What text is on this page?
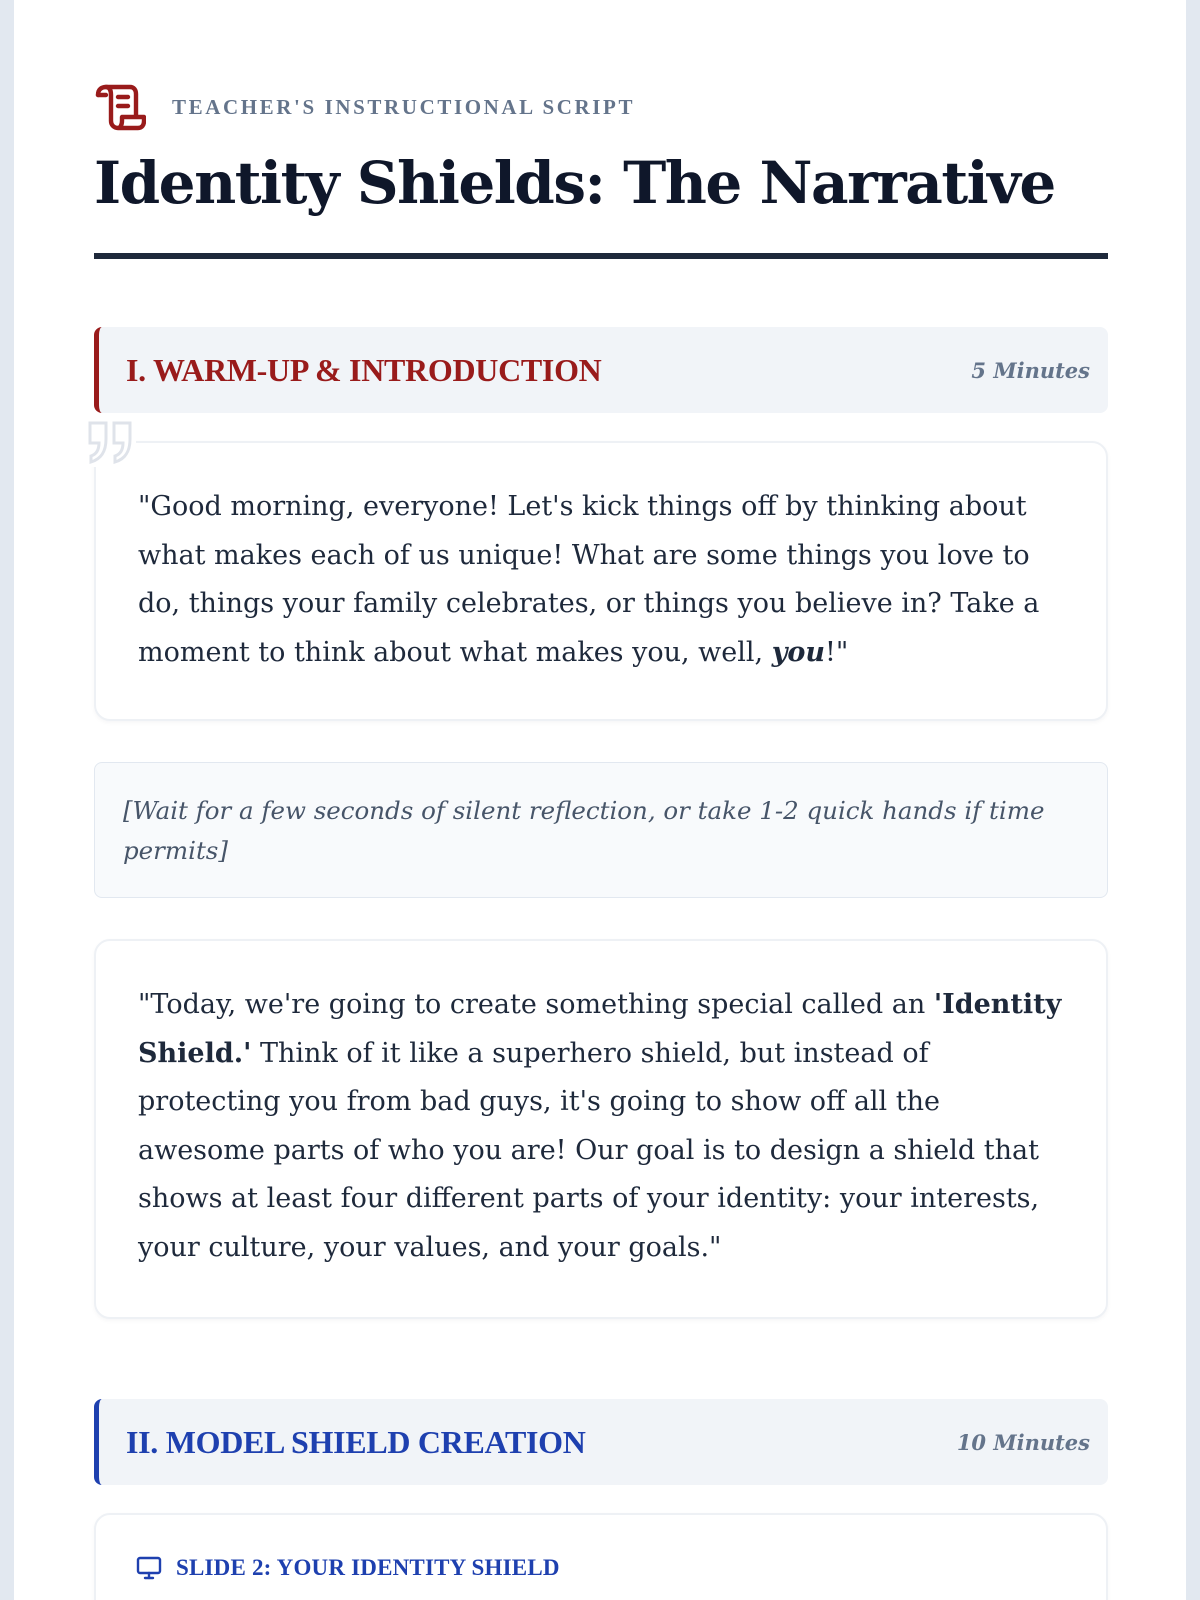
TEACHER'S INSTRUCTIONAL SCRIPT
Identity Shields: The Narrative
I. WARM-UP & INTRODUCTION	5 Minutes

"Good morning, everyone! Let's kick things off by thinking about what makes each of us unique! What are some things you love to do, things your family celebrates, or things you believe in? Take a moment to think about what makes you, well, you!"

[Wait for a few seconds of silent reflection, or take 1-2 quick hands if time permits]

"Today, we're going to create something special called an 'Identity Shield.' Think of it like a superhero shield, but instead of protecting you from bad guys, it's going to show off all the awesome parts of who you are! Our goal is to design a shield that shows at least four different parts of your identity: your interests, your culture, your values, and your goals."

II. MODEL SHIELD CREATION	10 Minutes
SLIDE 2: YOUR IDENTITY SHIELD
